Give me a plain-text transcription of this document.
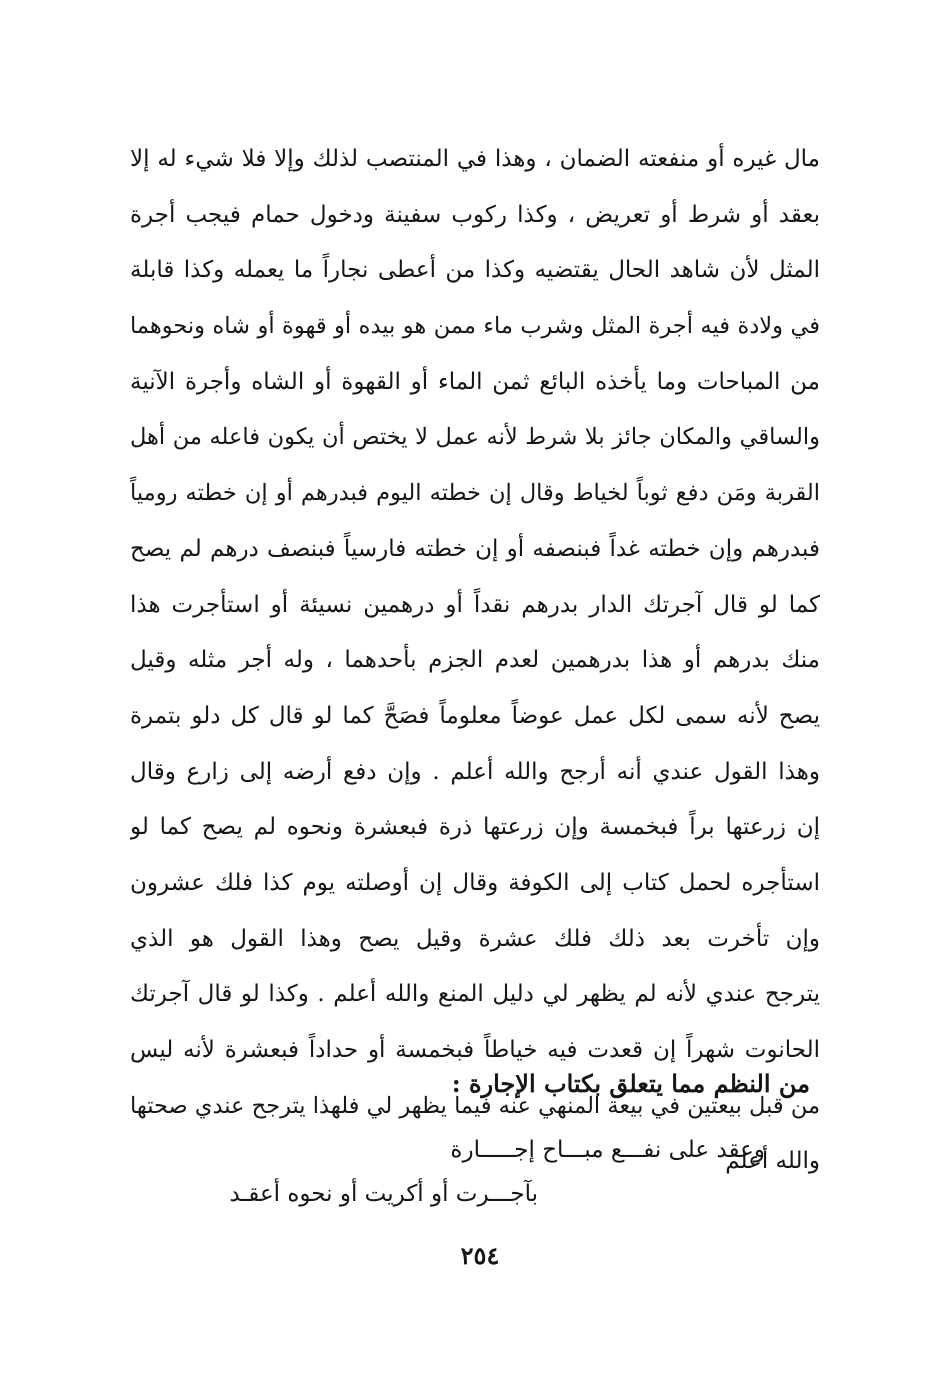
مال غيره أو منفعته الضمان ، وهذا في المنتصب لذلك وإلا فلا شيء له إلا
بعقد أو شرط أو تعريض ، وكذا ركوب سفينة ودخول حمام فيجب أجرة
المثل لأن شاهد الحال يقتضيه وكذا من أعطى نجاراً ما يعمله وكذا قابلة
في ولادة فيه أجرة المثل وشرب ماء ممن هو بيده أو قهوة أو شاه ونحوهما
من المباحات وما يأخذه البائع ثمن الماء أو القهوة أو الشاه وأجرة الآنية
والساقي والمكان جائز بلا شرط لأنه عمل لا يختص أن يكون فاعله من أهل
القربة ومَن دفع ثوباً لخياط وقال إن خطته اليوم فبدرهم أو إن خطته رومياً
فبدرهم وإن خطته غداً فبنصفه أو إن خطته فارسياً فبنصف درهم لم يصح
كما لو قال آجرتك الدار بدرهم نقداً أو درهمين نسيئة أو استأجرت هذا
منك بدرهم أو هذا بدرهمين لعدم الجزم بأحدهما ، وله أجر مثله وقيل
يصح لأنه سمى لكل عمل عوضاً معلوماً فصَحَّ كما لو قال كل دلو بتمرة
وهذا القول عندي أنه أرجح والله أعلم . وإن دفع أرضه إلى زارع وقال
إن زرعتها براً فبخمسة وإن زرعتها ذرة فبعشرة ونحوه لم يصح كما لو
استأجره لحمل كتاب إلى الكوفة وقال إن أوصلته يوم كذا فلك عشرون
وإن تأخرت بعد ذلك فلك عشرة وقيل يصح وهذا القول هو الذي
يترجح عندي لأنه لم يظهر لي دليل المنع والله أعلم . وكذا لو قال آجرتك
الحانوت شهراً إن قعدت فيه خياطاً فبخمسة أو حداداً فبعشرة لأنه ليس
من قبل بيعتين في بيعة المنهي عنه فيما يظهر لي فلهذا يترجح عندي صحتها
والله أعلم
من النظم مما يتعلق بكتاب الإجارة :
وعقد على نفـــع مبـــاح إجـــــارة
بآجـــرت أو أكريت أو نحوه أعقـد
٢٥٤
